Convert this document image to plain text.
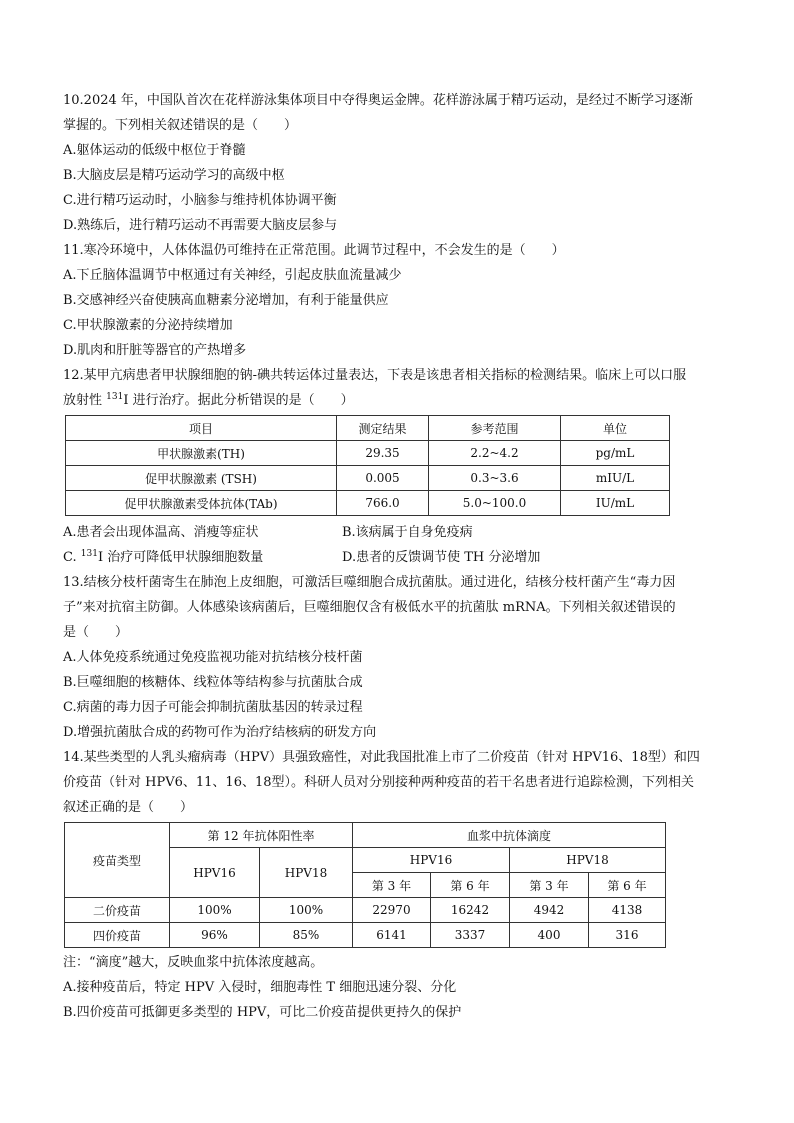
10.2024 年，中国队首次在花样游泳集体项目中夺得奥运金牌。花样游泳属于精巧运动，是经过不断学习逐渐
掌握的。下列相关叙述错误的是（　　）
A.躯体运动的低级中枢位于脊髓
B.大脑皮层是精巧运动学习的高级中枢
C.进行精巧运动时，小脑参与维持机体协调平衡
D.熟练后，进行精巧运动不再需要大脑皮层参与
11.寒冷环境中，人体体温仍可维持在正常范围。此调节过程中，不会发生的是（　　）
A.下丘脑体温调节中枢通过有关神经，引起皮肤血流量减少
B.交感神经兴奋使胰高血糖素分泌增加，有利于能量供应
C.甲状腺激素的分泌持续增加
D.肌肉和肝脏等器官的产热增多
12.某甲亢病患者甲状腺细胞的钠-碘共转运体过量表达，下表是该患者相关指标的检测结果。临床上可以口服
放射性 $^{131}$I 进行治疗。据此分析错误的是（　　）
项目	测定结果	参考范围	单位
甲状腺激素(TH)	29.35	2.2~4.2	pg/mL
促甲状腺激素 (TSH)	0.005	0.3~3.6	mIU/L
促甲状腺激素受体抗体(TAb)	766.0	5.0~100.0	IU/mL
A.患者会出现体温高、消瘦等症状	B.该病属于自身免疫病
C. $^{131}$I 治疗可降低甲状腺细胞数量	D.患者的反馈调节使 TH 分泌增加
13.结核分枝杆菌寄生在肺泡上皮细胞，可激活巨噬细胞合成抗菌肽。通过进化，结核分枝杆菌产生“毒力因
子”来对抗宿主防御。人体感染该病菌后，巨噬细胞仅含有极低水平的抗菌肽 mRNA。下列相关叙述错误的
是（　　）
A.人体免疫系统通过免疫监视功能对抗结核分枝杆菌
B.巨噬细胞的核糖体、线粒体等结构参与抗菌肽合成
C.病菌的毒力因子可能会抑制抗菌肽基因的转录过程
D.增强抗菌肽合成的药物可作为治疗结核病的研发方向
14.某些类型的人乳头瘤病毒（HPV）具强致癌性，对此我国批准上市了二价疫苗（针对 HPV16、18型）和四
价疫苗（针对 HPV6、11、16、18型）。科研人员对分别接种两种疫苗的若干名患者进行追踪检测，下列相关
叙述正确的是（　　）
疫苗类型	第 12 年抗体阳性率		血浆中抗体滴度			
	HPV16	HPV18	HPV16		HPV18	
			第 3 年	第 6 年	第 3 年	第 6 年
二价疫苗	100%	100%	22970	16242	4942	4138
四价疫苗	96%	85%	6141	3337	400	316
注：“滴度”越大，反映血浆中抗体浓度越高。
A.接种疫苗后，特定 HPV 入侵时，细胞毒性 T 细胞迅速分裂、分化
B.四价疫苗可抵御更多类型的 HPV，可比二价疫苗提供更持久的保护
